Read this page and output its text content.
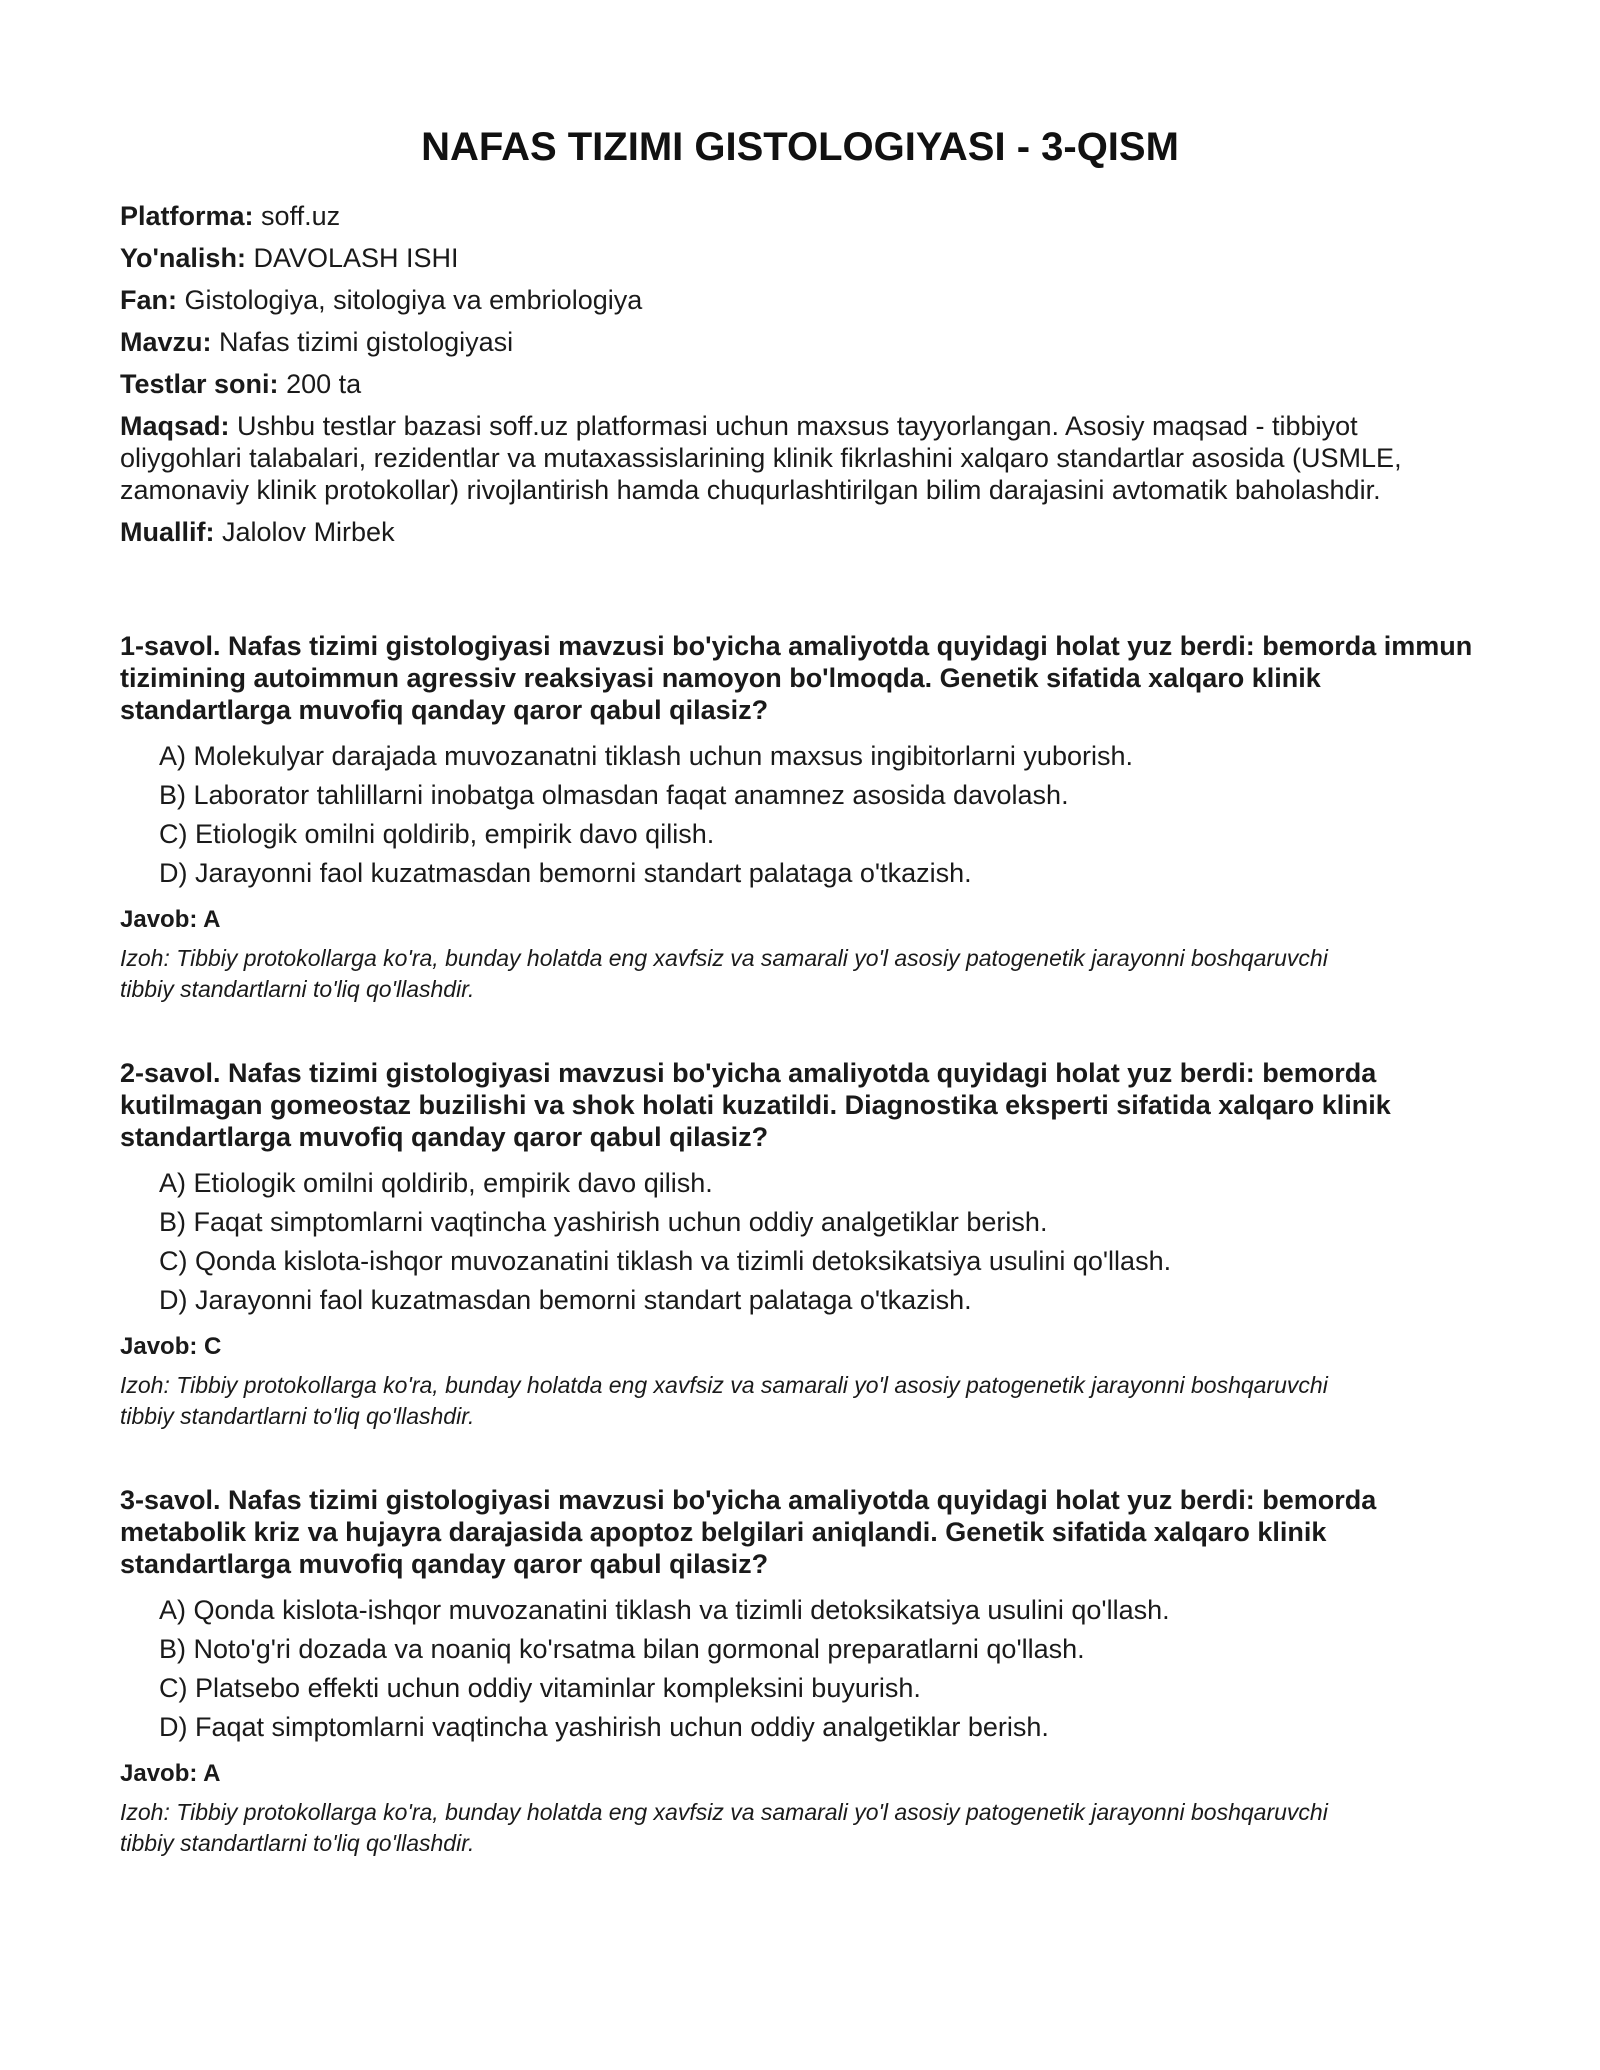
NAFAS TIZIMI GISTOLOGIYASI - 3-QISM
Platforma: soff.uz
Yo'nalish: DAVOLASH ISHI
Fan: Gistologiya, sitologiya va embriologiya
Mavzu: Nafas tizimi gistologiyasi
Testlar soni: 200 ta
Maqsad: Ushbu testlar bazasi soff.uz platformasi uchun maxsus tayyorlangan. Asosiy maqsad - tibbiyot oliygohlari talabalari, rezidentlar va mutaxassislarining klinik fikrlashini xalqaro standartlar asosida (USMLE, zamonaviy klinik protokollar) rivojlantirish hamda chuqurlashtirilgan bilim darajasini avtomatik baholashdir.
Muallif: Jalolov Mirbek

1-savol. Nafas tizimi gistologiyasi mavzusi bo'yicha amaliyotda quyidagi holat yuz berdi: bemorda immun tizimining autoimmun agressiv reaksiyasi namoyon bo'lmoqda. Genetik sifatida xalqaro klinik standartlarga muvofiq qanday qaror qabul qilasiz?

A) Molekulyar darajada muvozanatni tiklash uchun maxsus ingibitorlarni yuborish.
B) Laborator tahlillarni inobatga olmasdan faqat anamnez asosida davolash.
C) Etiologik omilni qoldirib, empirik davo qilish.
D) Jarayonni faol kuzatmasdan bemorni standart palataga o'tkazish.
Javob: A
Izoh: Tibbiy protokollarga ko'ra, bunday holatda eng xavfsiz va samarali yo'l asosiy patogenetik jarayonni boshqaruvchi tibbiy standartlarni to'liq qo'llashdir.

2-savol. Nafas tizimi gistologiyasi mavzusi bo'yicha amaliyotda quyidagi holat yuz berdi: bemorda kutilmagan gomeostaz buzilishi va shok holati kuzatildi. Diagnostika eksperti sifatida xalqaro klinik standartlarga muvofiq qanday qaror qabul qilasiz?

A) Etiologik omilni qoldirib, empirik davo qilish.
B) Faqat simptomlarni vaqtincha yashirish uchun oddiy analgetiklar berish.
C) Qonda kislota-ishqor muvozanatini tiklash va tizimli detoksikatsiya usulini qo'llash.
D) Jarayonni faol kuzatmasdan bemorni standart palataga o'tkazish.
Javob: C
Izoh: Tibbiy protokollarga ko'ra, bunday holatda eng xavfsiz va samarali yo'l asosiy patogenetik jarayonni boshqaruvchi tibbiy standartlarni to'liq qo'llashdir.

3-savol. Nafas tizimi gistologiyasi mavzusi bo'yicha amaliyotda quyidagi holat yuz berdi: bemorda metabolik kriz va hujayra darajasida apoptoz belgilari aniqlandi. Genetik sifatida xalqaro klinik standartlarga muvofiq qanday qaror qabul qilasiz?

A) Qonda kislota-ishqor muvozanatini tiklash va tizimli detoksikatsiya usulini qo'llash.
B) Noto'g'ri dozada va noaniq ko'rsatma bilan gormonal preparatlarni qo'llash.
C) Platsebo effekti uchun oddiy vitaminlar kompleksini buyurish.
D) Faqat simptomlarni vaqtincha yashirish uchun oddiy analgetiklar berish.
Javob: A
Izoh: Tibbiy protokollarga ko'ra, bunday holatda eng xavfsiz va samarali yo'l asosiy patogenetik jarayonni boshqaruvchi tibbiy standartlarni to'liq qo'llashdir.
